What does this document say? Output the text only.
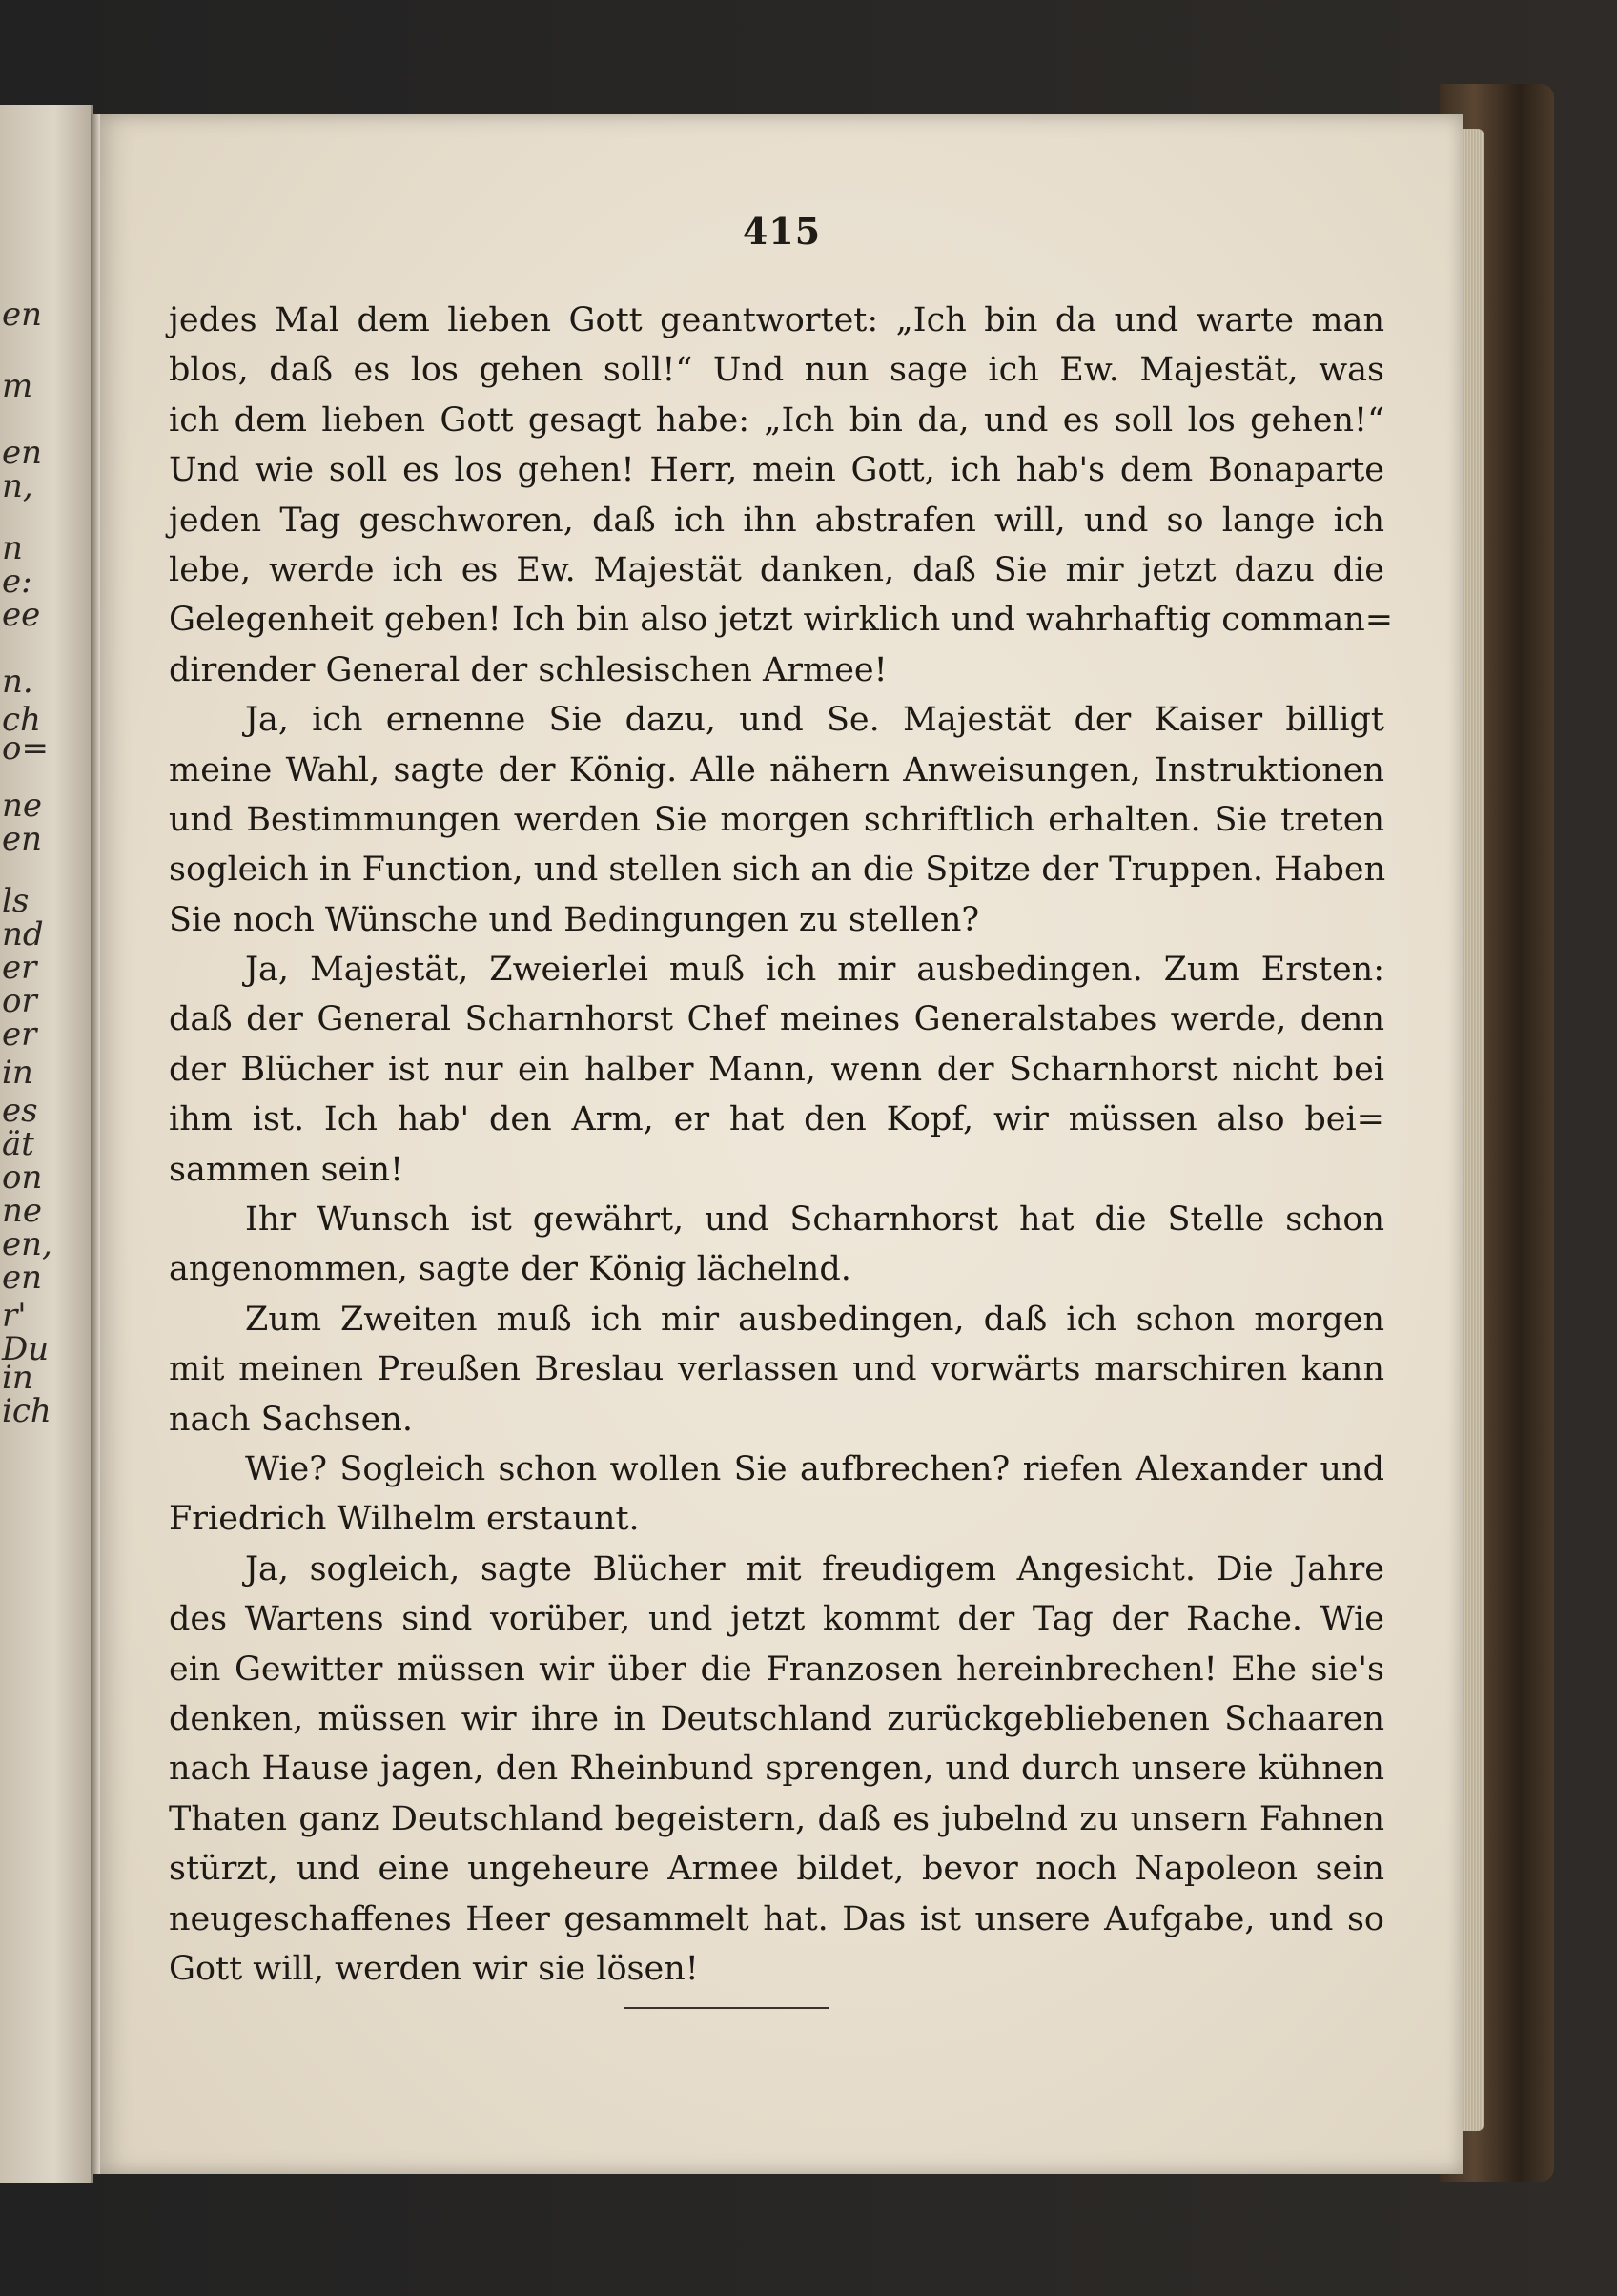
en
m
en
n,
n
e:
ee
n.
ch
o=
ne
en
ls
nd
er
or
er
in
es
ät
on
ne
en,
en
r'
Du
in
ich
415
jedes Mal dem lieben Gott geantwortet: „Ich bin da und warte man
blos, daß es los gehen soll!“ Und nun sage ich Ew. Majestät, was
ich dem lieben Gott gesagt habe: „Ich bin da, und es soll los gehen!“
Und wie soll es los gehen! Herr, mein Gott, ich hab's dem Bonaparte
jeden Tag geschworen, daß ich ihn abstrafen will, und so lange ich
lebe, werde ich es Ew. Majestät danken, daß Sie mir jetzt dazu die
Gelegenheit geben! Ich bin also jetzt wirklich und wahrhaftig comman=
dirender General der schlesischen Armee!
Ja, ich ernenne Sie dazu, und Se. Majestät der Kaiser billigt
meine Wahl, sagte der König. Alle nähern Anweisungen, Instruktionen
und Bestimmungen werden Sie morgen schriftlich erhalten. Sie treten
sogleich in Function, und stellen sich an die Spitze der Truppen. Haben
Sie noch Wünsche und Bedingungen zu stellen?
Ja, Majestät, Zweierlei muß ich mir ausbedingen. Zum Ersten:
daß der General Scharnhorst Chef meines Generalstabes werde, denn
der Blücher ist nur ein halber Mann, wenn der Scharnhorst nicht bei
ihm ist. Ich hab' den Arm, er hat den Kopf, wir müssen also bei=
sammen sein!
Ihr Wunsch ist gewährt, und Scharnhorst hat die Stelle schon
angenommen, sagte der König lächelnd.
Zum Zweiten muß ich mir ausbedingen, daß ich schon morgen
mit meinen Preußen Breslau verlassen und vorwärts marschiren kann
nach Sachsen.
Wie? Sogleich schon wollen Sie aufbrechen? riefen Alexander und
Friedrich Wilhelm erstaunt.
Ja, sogleich, sagte Blücher mit freudigem Angesicht. Die Jahre
des Wartens sind vorüber, und jetzt kommt der Tag der Rache. Wie
ein Gewitter müssen wir über die Franzosen hereinbrechen! Ehe sie's
denken, müssen wir ihre in Deutschland zurückgebliebenen Schaaren
nach Hause jagen, den Rheinbund sprengen, und durch unsere kühnen
Thaten ganz Deutschland begeistern, daß es jubelnd zu unsern Fahnen
stürzt, und eine ungeheure Armee bildet, bevor noch Napoleon sein
neugeschaffenes Heer gesammelt hat. Das ist unsere Aufgabe, und so
Gott will, werden wir sie lösen!
